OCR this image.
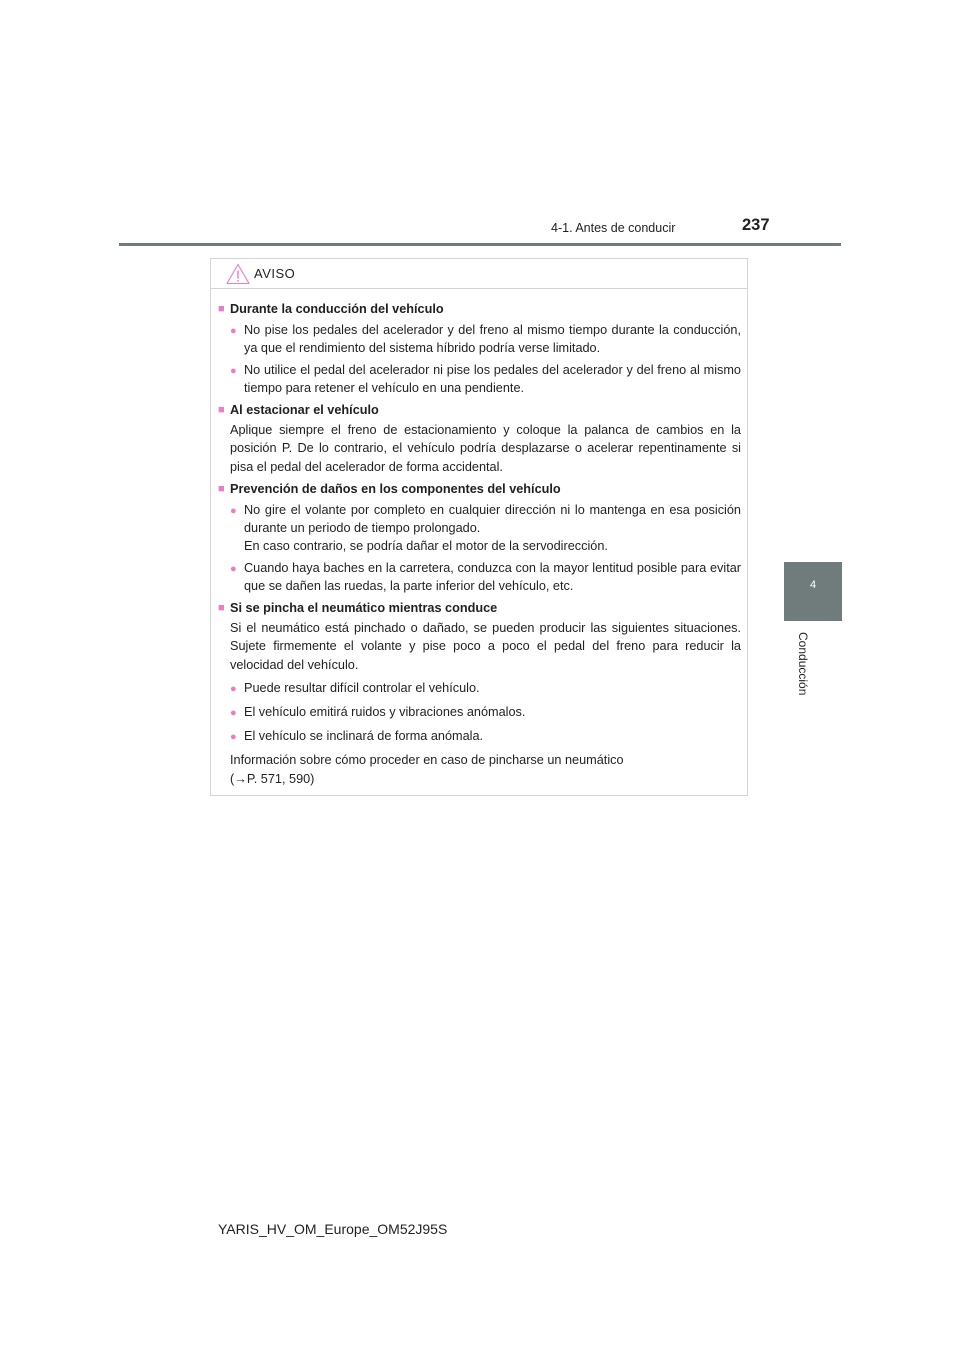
4-1. Antes de conducir	237
4
Conducción
AVISO
■ Durante la conducción del vehículo
● No pise los pedales del acelerador y del freno al mismo tiempo durante la conducción, ya que el rendimiento del sistema híbrido podría verse limitado.
● No utilice el pedal del acelerador ni pise los pedales del acelerador y del freno al mismo tiempo para retener el vehículo en una pendiente.
■ Al estacionar el vehículo
Aplique siempre el freno de estacionamiento y coloque la palanca de cambios en la posición P. De lo contrario, el vehículo podría desplazarse o acelerar repentinamente si pisa el pedal del acelerador de forma accidental.
■ Prevención de daños en los componentes del vehículo
● No gire el volante por completo en cualquier dirección ni lo mantenga en esa posición durante un periodo de tiempo prolongado.
En caso contrario, se podría dañar el motor de la servodirección.
● Cuando haya baches en la carretera, conduzca con la mayor lentitud posible para evitar que se dañen las ruedas, la parte inferior del vehículo, etc.
■ Si se pincha el neumático mientras conduce
Si el neumático está pinchado o dañado, se pueden producir las siguientes situaciones. Sujete firmemente el volante y pise poco a poco el pedal del freno para reducir la velocidad del vehículo.
● Puede resultar difícil controlar el vehículo.
● El vehículo emitirá ruidos y vibraciones anómalos.
● El vehículo se inclinará de forma anómala.
Información sobre cómo proceder en caso de pincharse un neumático
(→P. 571, 590)
YARIS_HV_OM_Europe_OM52J95S
